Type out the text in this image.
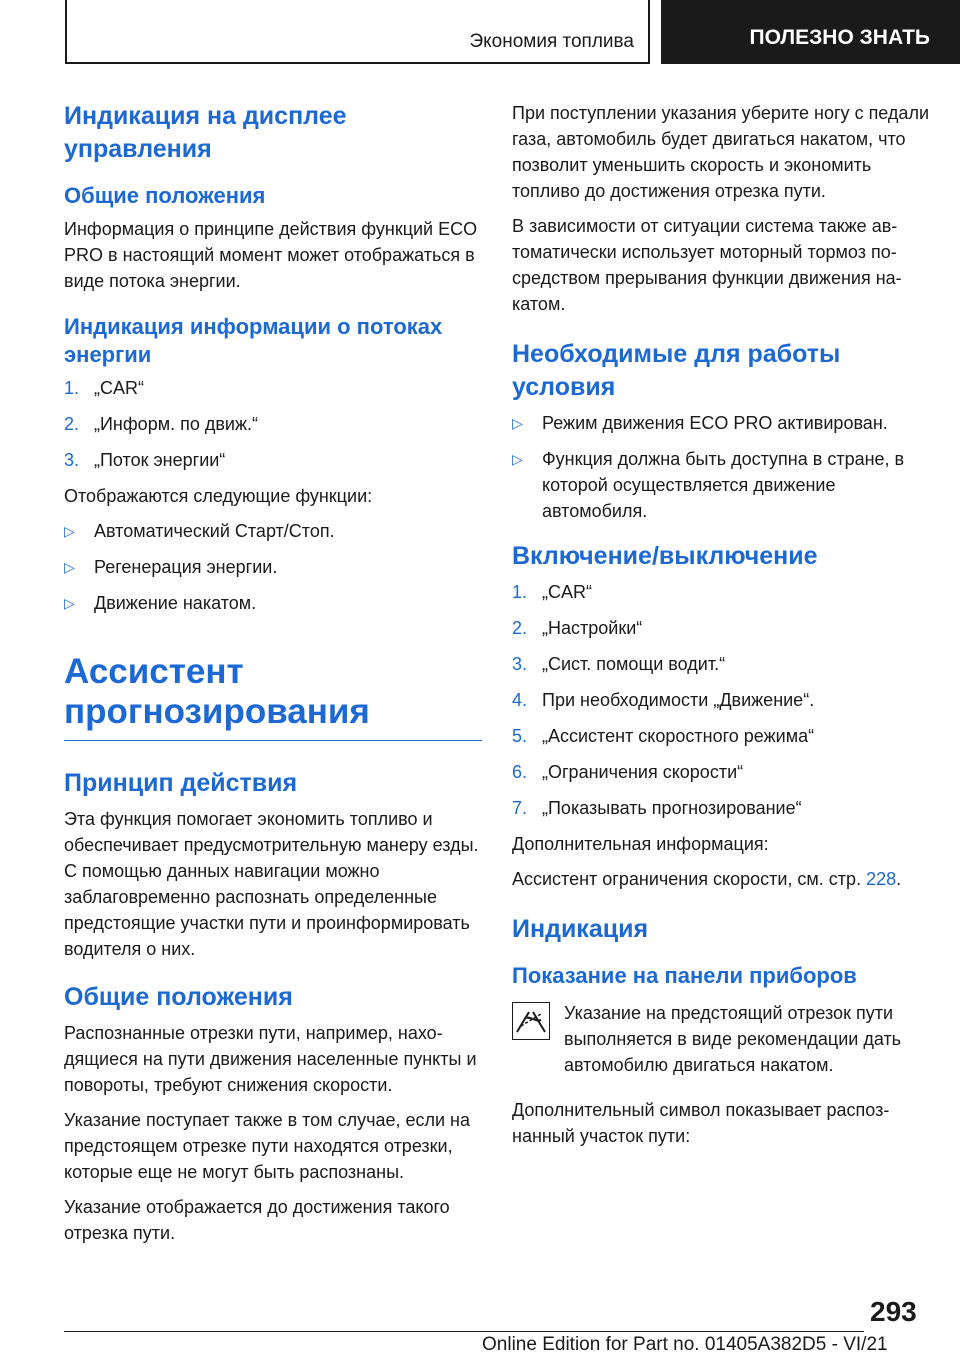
Экономия топлива	ПОЛЕЗНО ЗНАТЬ
Индикация на дисплее управления
Общие положения

Информация о принципе действия функций ECO PRO в настоящий момент может отображаться в виде потока энергии.

Индикация информации о потоках энергии
1. „CAR“
2. „Информ. по движ.“
3. „Поток энергии“

Отображаются следующие функции:

▷ Автоматический Старт/Стоп.
▷ Регенерация энергии.
▷ Движение накатом.
Ассистент прогнозирования
Принцип действия

Эта функция помогает экономить топливо и обеспечивает предусмотрительную манеру езды. С помощью данных навигации можно заблаговременно распознать определенные предстоящие участки пути и проинформировать водителя о них.

Общие положения

Распознанные отрезки пути, например, находящиеся на пути движения населенные пункты и повороты, требуют снижения скорости.

Указание поступает также в том случае, если на предстоящем отрезке пути находятся отрезки, которые еще не могут быть распознаны.

Указание отображается до достижения такого отрезка пути.

При поступлении указания уберите ногу с педали газа, автомобиль будет двигаться накатом, что позволит уменьшить скорость и экономить топливо до достижения отрезка пути.

В зависимости от ситуации система также автоматически использует моторный тормоз посредством прерывания функции движения накатом.

Необходимые для работы условия
▷ Режим движения ECO PRO активирован.
▷ Функция должна быть доступна в стране, в которой осуществляется движение автомобиля.
Включение/выключение
1. „CAR“
2. „Настройки“
3. „Сист. помощи водит.“
4. При необходимости „Движение“.
5. „Ассистент скоростного режима“
6. „Ограничения скорости“
7. „Показывать прогнозирование“

Дополнительная информация:

Ассистент ограничения скорости, см. стр. 228.

Индикация
Показание на панели приборов

Указание на предстоящий отрезок пути выполняется в виде рекомендации дать автомобилю двигаться накатом.

Дополнительный символ показывает распознанный участок пути:

293
Online Edition for Part no. 01405A382D5 - VI/21
